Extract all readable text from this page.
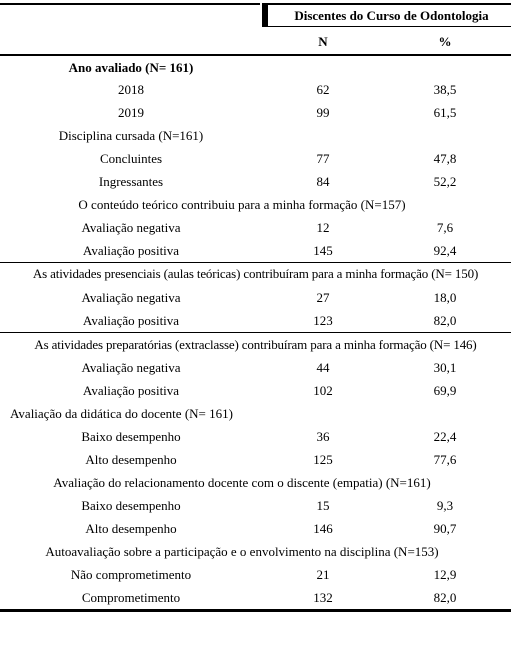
Discentes do Curso de Odontologia
N	%
Ano avaliado (N= 161)
2018	62	38,5
2019	99	61,5
Disciplina cursada (N=161)
Concluintes	77	47,8
Ingressantes	84	52,2
O conteúdo teórico contribuiu para a minha formação (N=157)
Avaliação negativa	12	7,6
Avaliação positiva	145	92,4
As atividades presenciais (aulas teóricas) contribuíram para a minha formação (N= 150)
Avaliação negativa	27	18,0
Avaliação positiva	123	82,0
As atividades preparatórias (extraclasse) contribuíram para a minha formação (N= 146)
Avaliação negativa	44	30,1
Avaliação positiva	102	69,9
Avaliação da didática do docente (N= 161)
Baixo desempenho	36	22,4
Alto desempenho	125	77,6
Avaliação do relacionamento docente com o discente (empatia) (N=161)
Baixo desempenho	15	9,3
Alto desempenho	146	90,7
Autoavaliação sobre a participação e o envolvimento na disciplina (N=153)
Não comprometimento	21	12,9
Comprometimento	132	82,0
